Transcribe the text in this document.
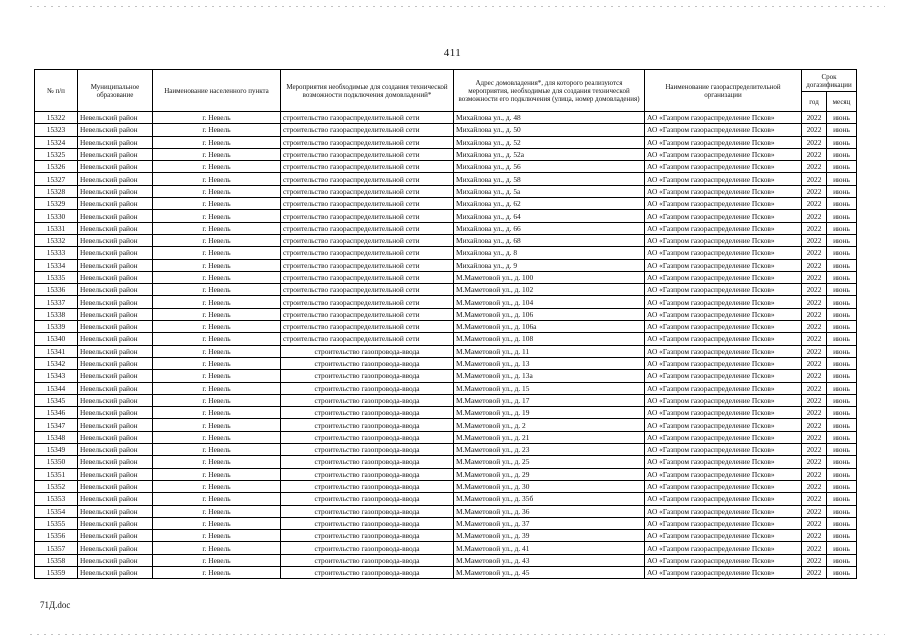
411
№ п/п	Муниципальное образование	Наименование населенного пункта	Мероприятия необходимые для создания технической возможности подключения домовладений*	Адрес домовладения*, для которого реализуются мероприятия, необходимые для создания технической возможности его подключения (улица, номер домовладения)	Наименование газораспределительной организации	Срок догазификации	
						год	месяц
15322	Невельский район	г. Невель	строительство газораспределительной сети	Михайлова ул., д. 48	АО «Газпром газораспределение Псков»	2022	июнь
15323	Невельский район	г. Невель	строительство газораспределительной сети	Михайлова ул., д. 50	АО «Газпром газораспределение Псков»	2022	июнь
15324	Невельский район	г. Невель	строительство газораспределительной сети	Михайлова ул., д. 52	АО «Газпром газораспределение Псков»	2022	июнь
15325	Невельский район	г. Невель	строительство газораспределительной сети	Михайлова ул., д. 52а	АО «Газпром газораспределение Псков»	2022	июнь
15326	Невельский район	г. Невель	строительство газораспределительной сети	Михайлова ул., д. 56	АО «Газпром газораспределение Псков»	2022	июнь
15327	Невельский район	г. Невель	строительство газораспределительной сети	Михайлова ул., д. 58	АО «Газпром газораспределение Псков»	2022	июнь
15328	Невельский район	г. Невель	строительство газораспределительной сети	Михайлова ул., д. 5а	АО «Газпром газораспределение Псков»	2022	июнь
15329	Невельский район	г. Невель	строительство газораспределительной сети	Михайлова ул., д. 62	АО «Газпром газораспределение Псков»	2022	июнь
15330	Невельский район	г. Невель	строительство газораспределительной сети	Михайлова ул., д. 64	АО «Газпром газораспределение Псков»	2022	июнь
15331	Невельский район	г. Невель	строительство газораспределительной сети	Михайлова ул., д. 66	АО «Газпром газораспределение Псков»	2022	июнь
15332	Невельский район	г. Невель	строительство газораспределительной сети	Михайлова ул., д. 68	АО «Газпром газораспределение Псков»	2022	июнь
15333	Невельский район	г. Невель	строительство газораспределительной сети	Михайлова ул., д. 8	АО «Газпром газораспределение Псков»	2022	июнь
15334	Невельский район	г. Невель	строительство газораспределительной сети	Михайлова ул., д. 9	АО «Газпром газораспределение Псков»	2022	июнь
15335	Невельский район	г. Невель	строительство газораспределительной сети	М.Маметовой ул., д. 100	АО «Газпром газораспределение Псков»	2022	июнь
15336	Невельский район	г. Невель	строительство газораспределительной сети	М.Маметовой ул., д. 102	АО «Газпром газораспределение Псков»	2022	июнь
15337	Невельский район	г. Невель	строительство газораспределительной сети	М.Маметовой ул., д. 104	АО «Газпром газораспределение Псков»	2022	июнь
15338	Невельский район	г. Невель	строительство газораспределительной сети	М.Маметовой ул., д. 106	АО «Газпром газораспределение Псков»	2022	июнь
15339	Невельский район	г. Невель	строительство газораспределительной сети	М.Маметовой ул., д. 106а	АО «Газпром газораспределение Псков»	2022	июнь
15340	Невельский район	г. Невель	строительство газораспределительной сети	М.Маметовой ул., д. 108	АО «Газпром газораспределение Псков»	2022	июнь
15341	Невельский район	г. Невель	строительство газопровода-ввода	М.Маметовой ул., д. 11	АО «Газпром газораспределение Псков»	2022	июнь
15342	Невельский район	г. Невель	строительство газопровода-ввода	М.Маметовой ул., д. 13	АО «Газпром газораспределение Псков»	2022	июнь
15343	Невельский район	г. Невель	строительство газопровода-ввода	М.Маметовой ул., д. 13а	АО «Газпром газораспределение Псков»	2022	июнь
15344	Невельский район	г. Невель	строительство газопровода-ввода	М.Маметовой ул., д. 15	АО «Газпром газораспределение Псков»	2022	июнь
15345	Невельский район	г. Невель	строительство газопровода-ввода	М.Маметовой ул., д. 17	АО «Газпром газораспределение Псков»	2022	июнь
15346	Невельский район	г. Невель	строительство газопровода-ввода	М.Маметовой ул., д. 19	АО «Газпром газораспределение Псков»	2022	июнь
15347	Невельский район	г. Невель	строительство газопровода-ввода	М.Маметовой ул., д. 2	АО «Газпром газораспределение Псков»	2022	июнь
15348	Невельский район	г. Невель	строительство газопровода-ввода	М.Маметовой ул., д. 21	АО «Газпром газораспределение Псков»	2022	июнь
15349	Невельский район	г. Невель	строительство газопровода-ввода	М.Маметовой ул., д. 23	АО «Газпром газораспределение Псков»	2022	июнь
15350	Невельский район	г. Невель	строительство газопровода-ввода	М.Маметовой ул., д. 25	АО «Газпром газораспределение Псков»	2022	июнь
15351	Невельский район	г. Невель	строительство газопровода-ввода	М.Маметовой ул., д. 29	АО «Газпром газораспределение Псков»	2022	июнь
15352	Невельский район	г. Невель	строительство газопровода-ввода	М.Маметовой ул., д. 30	АО «Газпром газораспределение Псков»	2022	июнь
15353	Невельский район	г. Невель	строительство газопровода-ввода	М.Маметовой ул., д. 35б	АО «Газпром газораспределение Псков»	2022	июнь
15354	Невельский район	г. Невель	строительство газопровода-ввода	М.Маметовой ул., д. 36	АО «Газпром газораспределение Псков»	2022	июнь
15355	Невельский район	г. Невель	строительство газопровода-ввода	М.Маметовой ул., д. 37	АО «Газпром газораспределение Псков»	2022	июнь
15356	Невельский район	г. Невель	строительство газопровода-ввода	М.Маметовой ул., д. 39	АО «Газпром газораспределение Псков»	2022	июнь
15357	Невельский район	г. Невель	строительство газопровода-ввода	М.Маметовой ул., д. 41	АО «Газпром газораспределение Псков»	2022	июнь
15358	Невельский район	г. Невель	строительство газопровода-ввода	М.Маметовой ул., д. 43	АО «Газпром газораспределение Псков»	2022	июнь
15359	Невельский район	г. Невель	строительство газопровода-ввода	М.Маметовой ул., д. 45	АО «Газпром газораспределение Псков»	2022	июнь
71Д.doc
